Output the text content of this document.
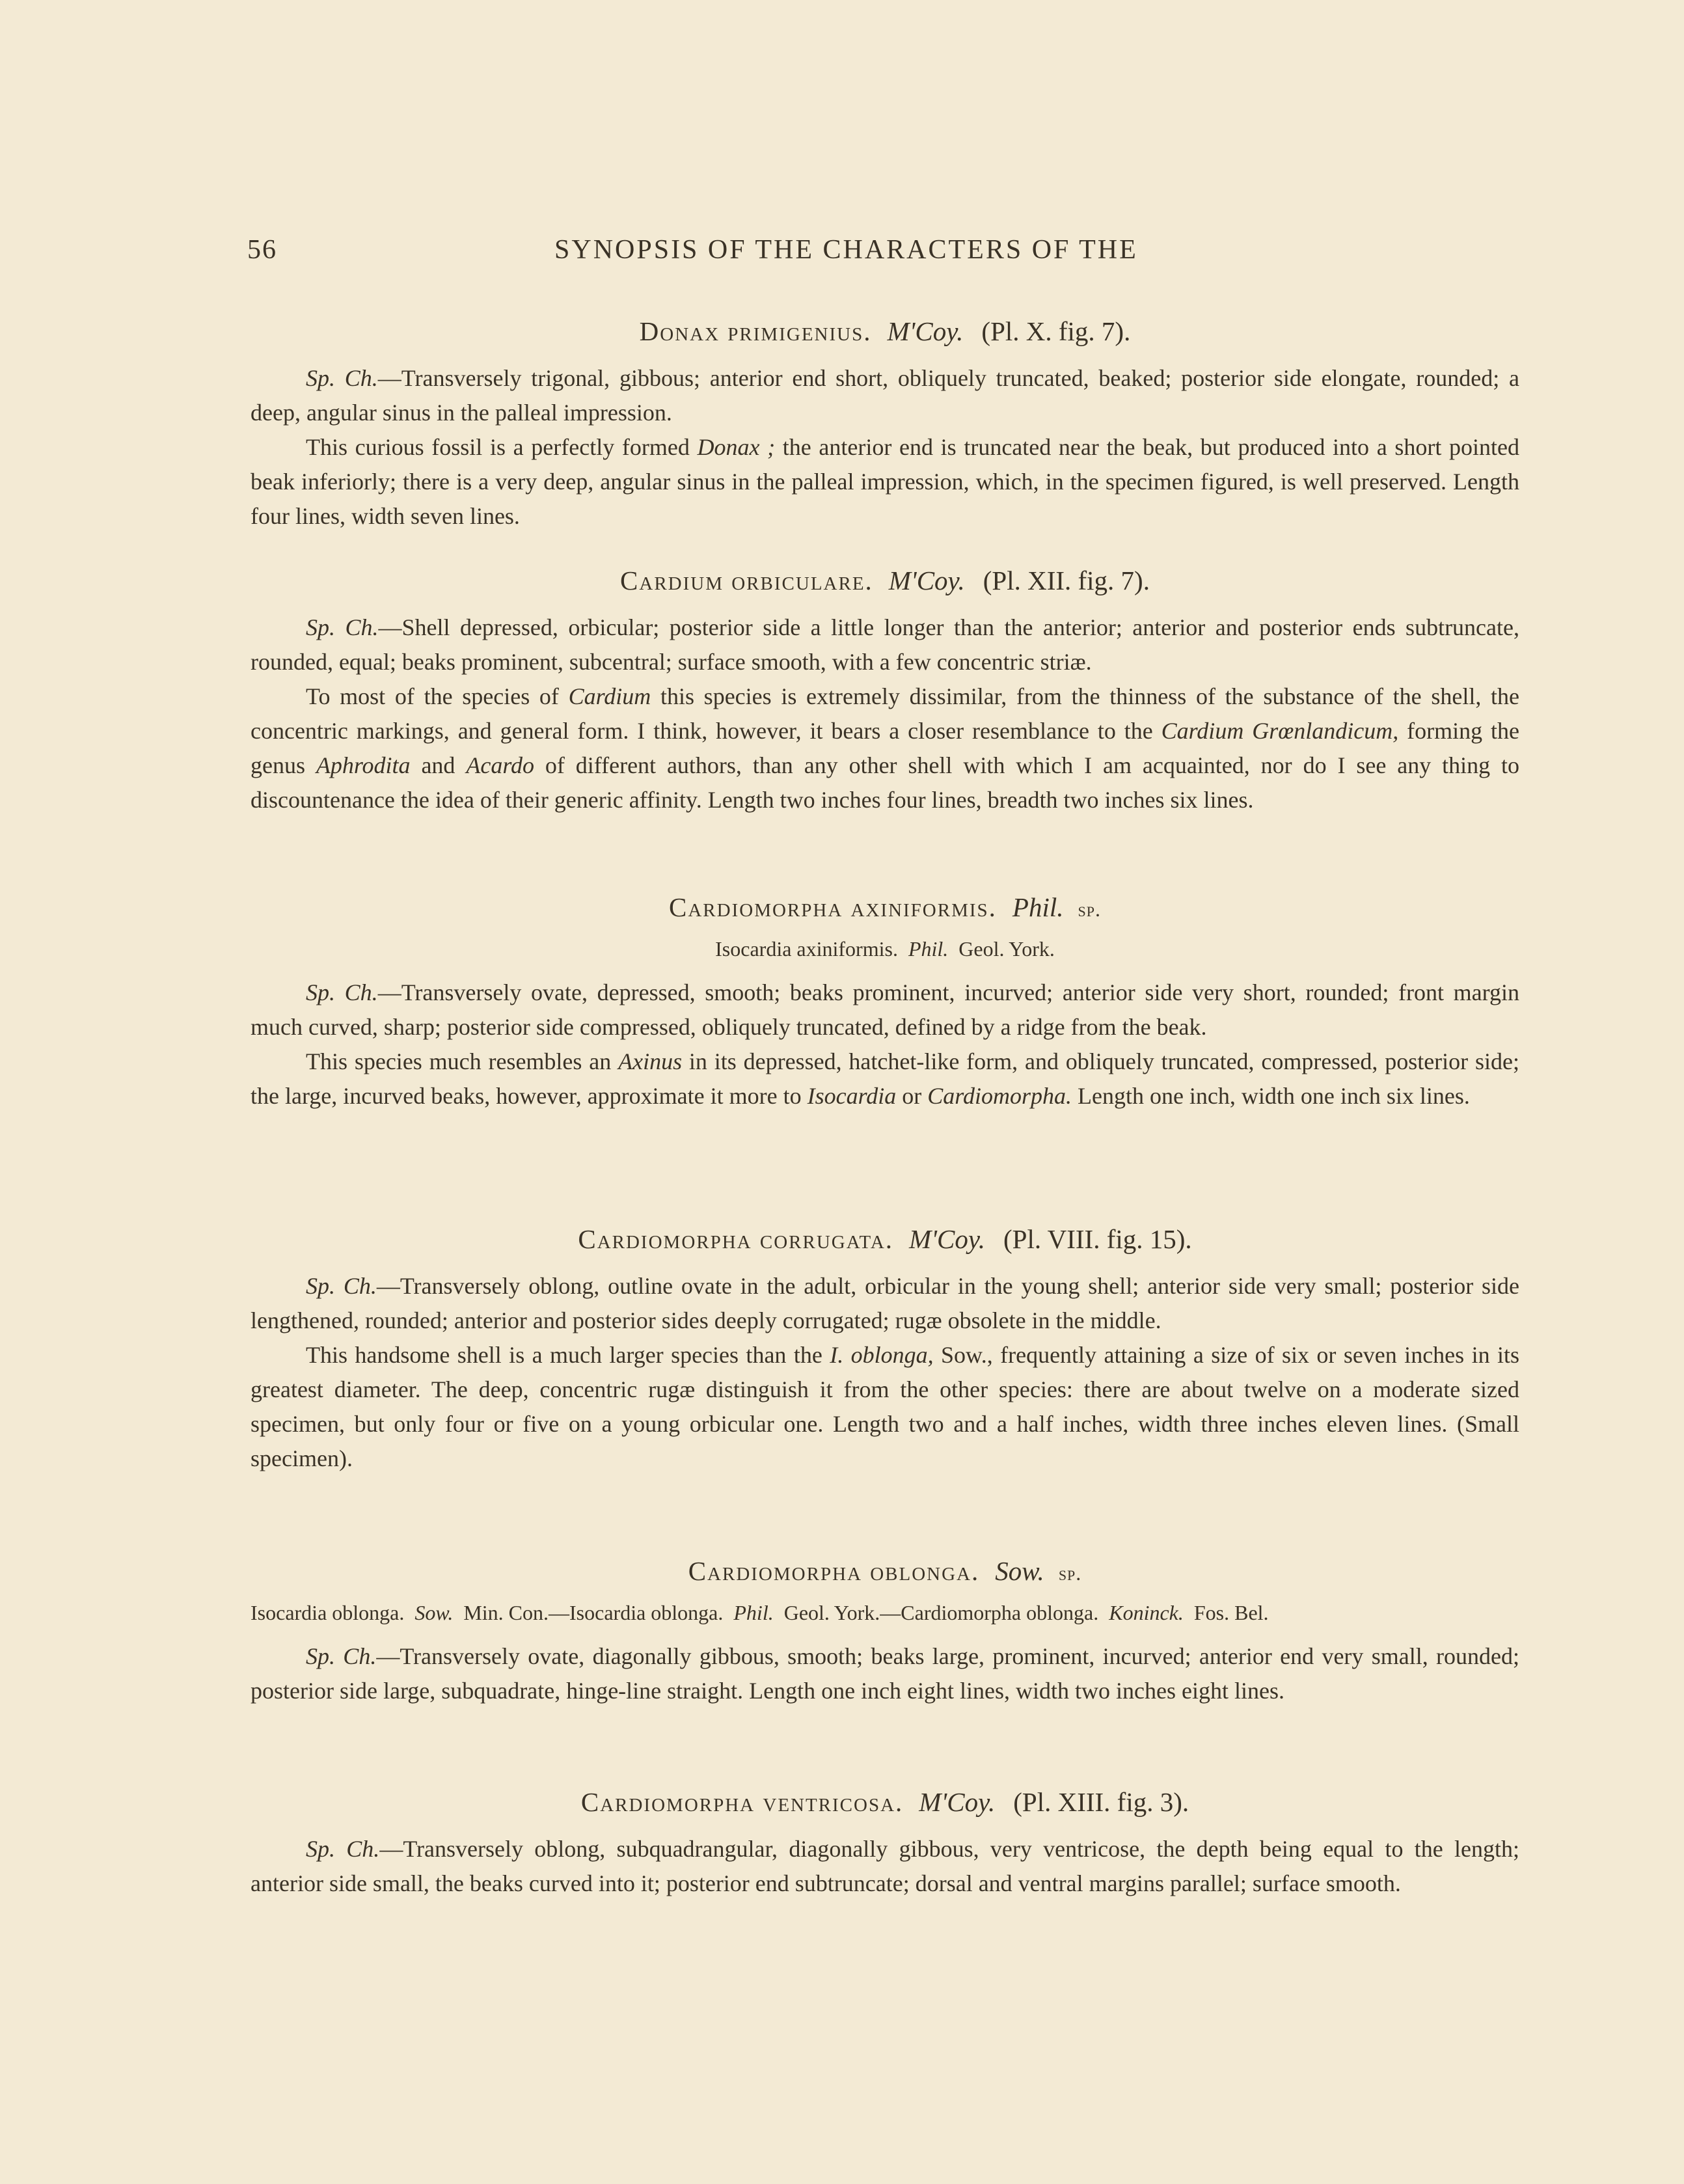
56	SYNOPSIS OF THE CHARACTERS OF THE
Donax primigenius. M'Coy. (Pl. X. fig. 7).

Sp. Ch.—Transversely trigonal, gibbous; anterior end short, obliquely truncated, beaked; posterior side elongate, rounded; a deep, angular sinus in the palleal impression.

This curious fossil is a perfectly formed Donax ; the anterior end is truncated near the beak, but produced into a short pointed beak inferiorly; there is a very deep, angular sinus in the palleal impression, which, in the specimen figured, is well preserved. Length four lines, width seven lines.

Cardium orbiculare. M'Coy. (Pl. XII. fig. 7).

Sp. Ch.—Shell depressed, orbicular; posterior side a little longer than the anterior; anterior and posterior ends subtruncate, rounded, equal; beaks prominent, subcentral; surface smooth, with a few concentric striæ.

To most of the species of Cardium this species is extremely dissimilar, from the thinness of the substance of the shell, the concentric markings, and general form. I think, however, it bears a closer resemblance to the Cardium Grœnlandicum, forming the genus Aphrodita and Acardo of different authors, than any other shell with which I am acquainted, nor do I see any thing to discountenance the idea of their generic affinity. Length two inches four lines, breadth two inches six lines.

Cardiomorpha axiniformis. Phil. sp.
Isocardia axiniformis. Phil. Geol. York.

Sp. Ch.—Transversely ovate, depressed, smooth; beaks prominent, incurved; anterior side very short, rounded; front margin much curved, sharp; posterior side compressed, obliquely truncated, defined by a ridge from the beak.

This species much resembles an Axinus in its depressed, hatchet-like form, and obliquely truncated, compressed, posterior side; the large, incurved beaks, however, approximate it more to Isocardia or Cardiomorpha. Length one inch, width one inch six lines.

Cardiomorpha corrugata. M'Coy. (Pl. VIII. fig. 15).

Sp. Ch.—Transversely oblong, outline ovate in the adult, orbicular in the young shell; anterior side very small; posterior side lengthened, rounded; anterior and posterior sides deeply corrugated; rugæ obsolete in the middle.

This handsome shell is a much larger species than the I. oblonga, Sow., frequently attaining a size of six or seven inches in its greatest diameter. The deep, concentric rugæ distinguish it from the other species: there are about twelve on a moderate sized specimen, but only four or five on a young orbicular one. Length two and a half inches, width three inches eleven lines. (Small specimen).

Cardiomorpha oblonga. Sow. sp.
Isocardia oblonga. Sow. Min. Con.—Isocardia oblonga. Phil. Geol. York.—Cardiomorpha oblonga. Koninck. Fos. Bel.

Sp. Ch.—Transversely ovate, diagonally gibbous, smooth; beaks large, prominent, incurved; anterior end very small, rounded; posterior side large, subquadrate, hinge-line straight. Length one inch eight lines, width two inches eight lines.

Cardiomorpha ventricosa. M'Coy. (Pl. XIII. fig. 3).

Sp. Ch.—Transversely oblong, subquadrangular, diagonally gibbous, very ventricose, the depth being equal to the length; anterior side small, the beaks curved into it; posterior end subtruncate; dorsal and ventral margins parallel; surface smooth.
